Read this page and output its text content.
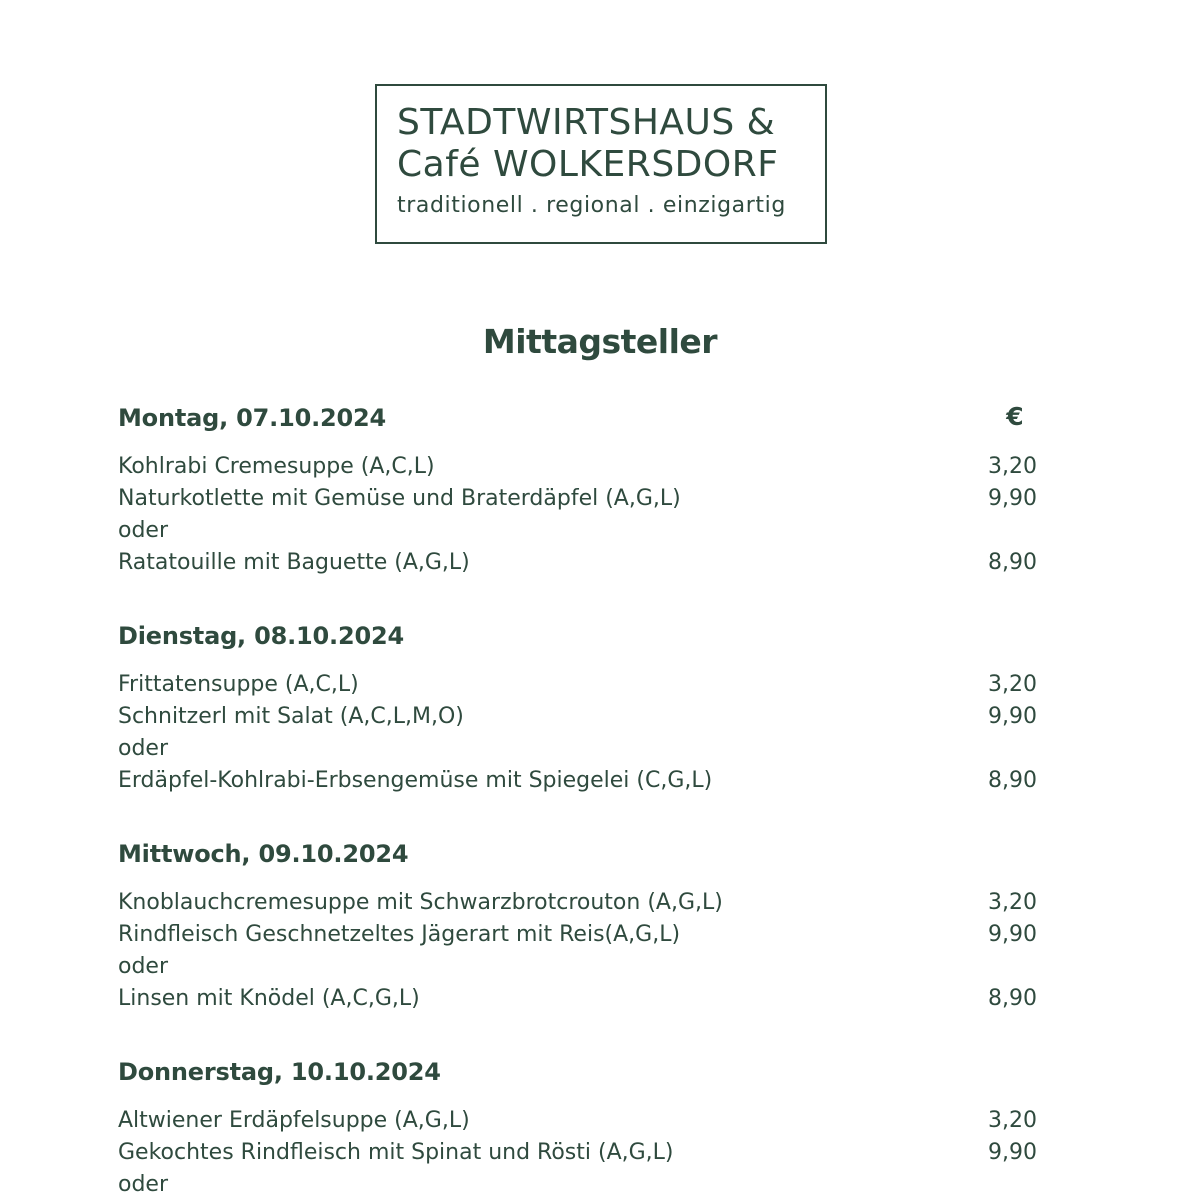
STADTWIRTSHAUS &
Café WOLKERSDORF
traditionell . regional . einzigartig
Mittagsteller
€
Montag, 07.10.2024
Kohlrabi Cremesuppe (A,C,L)	3,20
Naturkotlette mit Gemüse und Braterdäpfel (A,G,L)	9,90
oder
Ratatouille mit Baguette (A,G,L)	8,90
Dienstag, 08.10.2024
Frittatensuppe (A,C,L)	3,20
Schnitzerl mit Salat (A,C,L,M,O)	9,90
oder
Erdäpfel-Kohlrabi-Erbsengemüse mit Spiegelei (C,G,L)	8,90
Mittwoch, 09.10.2024
Knoblauchcremesuppe mit Schwarzbrotcrouton (A,G,L)	3,20
Rindfleisch Geschnetzeltes Jägerart mit Reis(A,G,L)	9,90
oder
Linsen mit Knödel (A,C,G,L)	8,90
Donnerstag, 10.10.2024
Altwiener Erdäpfelsuppe (A,G,L)	3,20
Gekochtes Rindfleisch mit Spinat und Rösti (A,G,L)	9,90
oder
